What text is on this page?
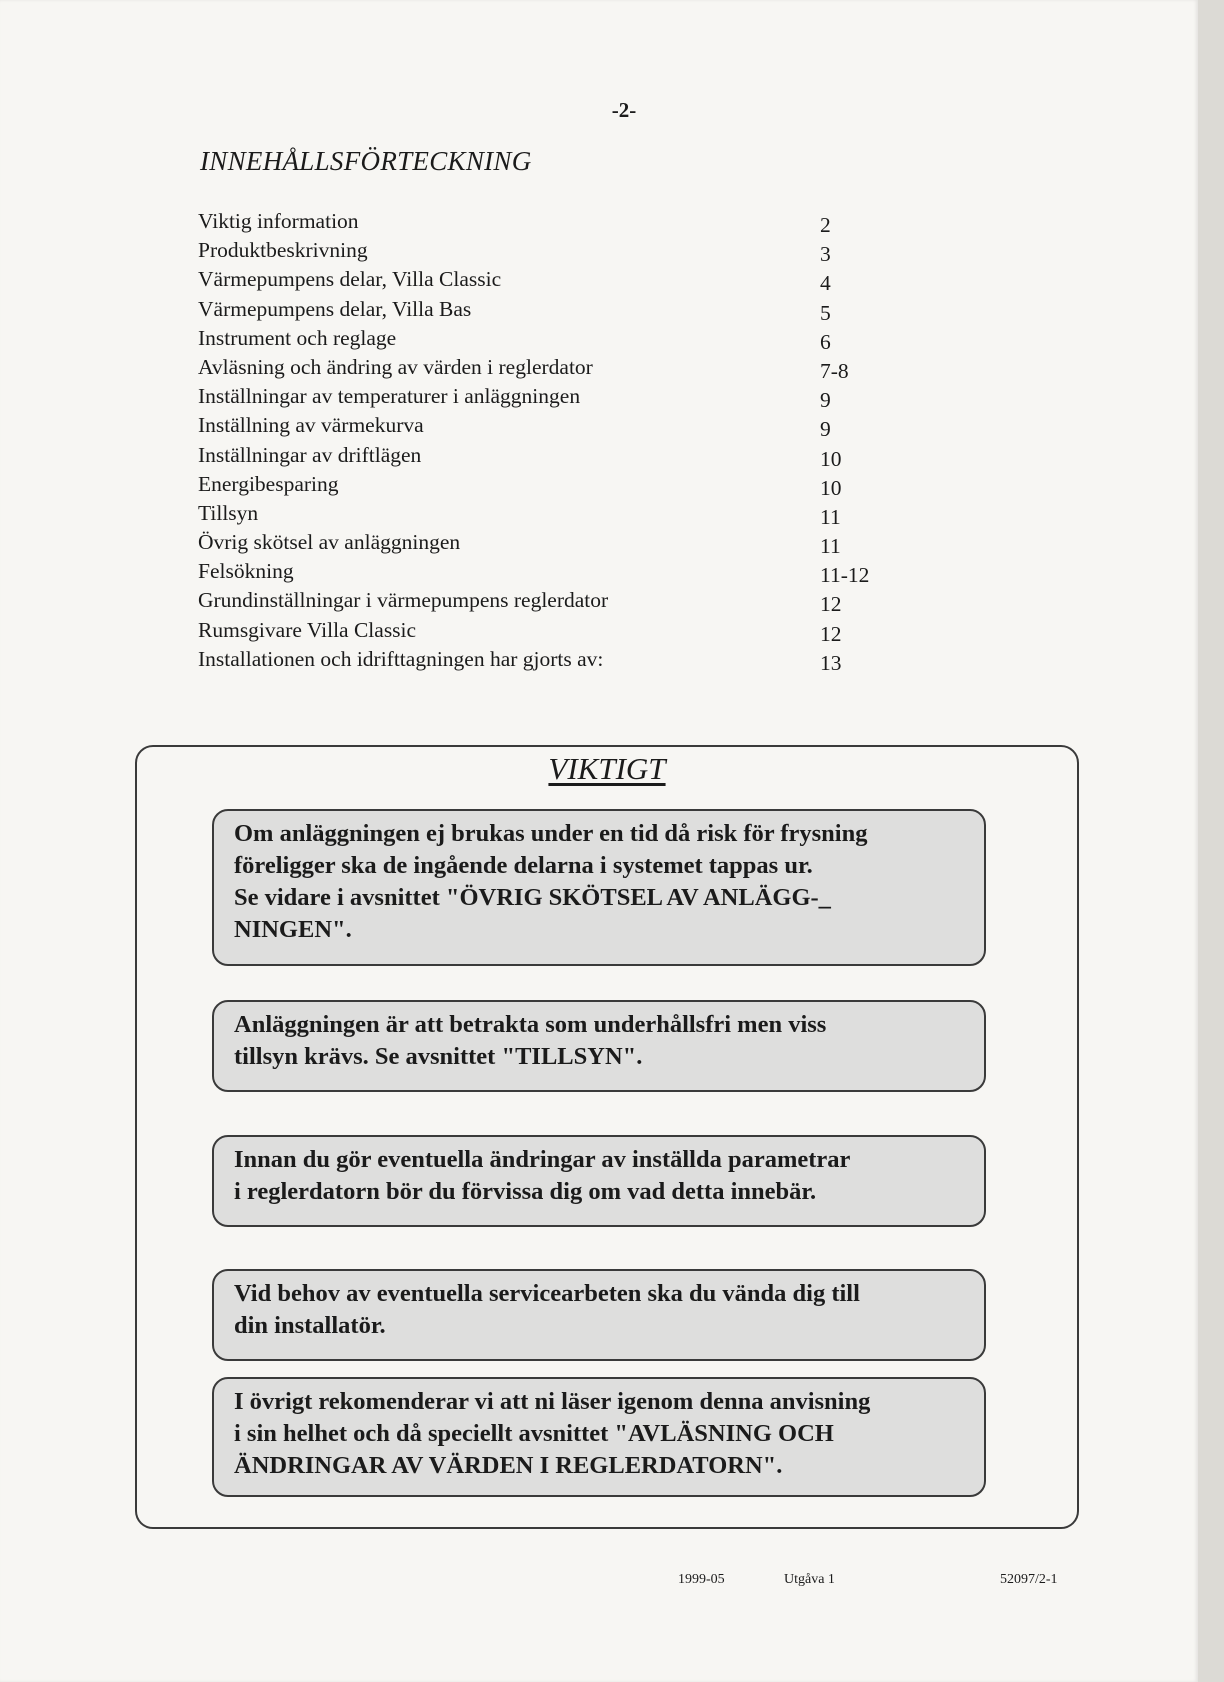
-2-
INNEHÅLLSFÖRTECKNING
Viktig information	2
Produktbeskrivning	3
Värmepumpens delar, Villa Classic	4
Värmepumpens delar, Villa Bas	5
Instrument och reglage	6
Avläsning och ändring av värden i reglerdator	7-8
Inställningar av temperaturer i anläggningen	9
Inställning av värmekurva	9
Inställningar av driftlägen	10
Energibesparing	10
Tillsyn	11
Övrig skötsel av anläggningen	11
Felsökning	11-12
Grundinställningar i värmepumpens reglerdator	12
Rumsgivare Villa Classic	12
Installationen och idrifttagningen har gjorts av:	13
VIKTIGT
Om anläggningen ej brukas under en tid då risk för frysning
föreligger ska de ingående delarna i systemet tappas ur.
Se vidare i avsnittet "ÖVRIG SKÖTSEL AV ANLÄGG-_
NINGEN".
Anläggningen är att betrakta som underhållsfri men viss
tillsyn krävs. Se avsnittet "TILLSYN".
Innan du gör eventuella ändringar av inställda parametrar
i reglerdatorn bör du förvissa dig om vad detta innebär.
Vid behov av eventuella servicearbeten ska du vända dig till
din installatör.
I övrigt rekomenderar vi att ni läser igenom denna anvisning
i sin helhet och då speciellt avsnittet "AVLÄSNING OCH
ÄNDRINGAR AV VÄRDEN I REGLERDATORN".
1999-05	Utgåva 1	52097/2-1
